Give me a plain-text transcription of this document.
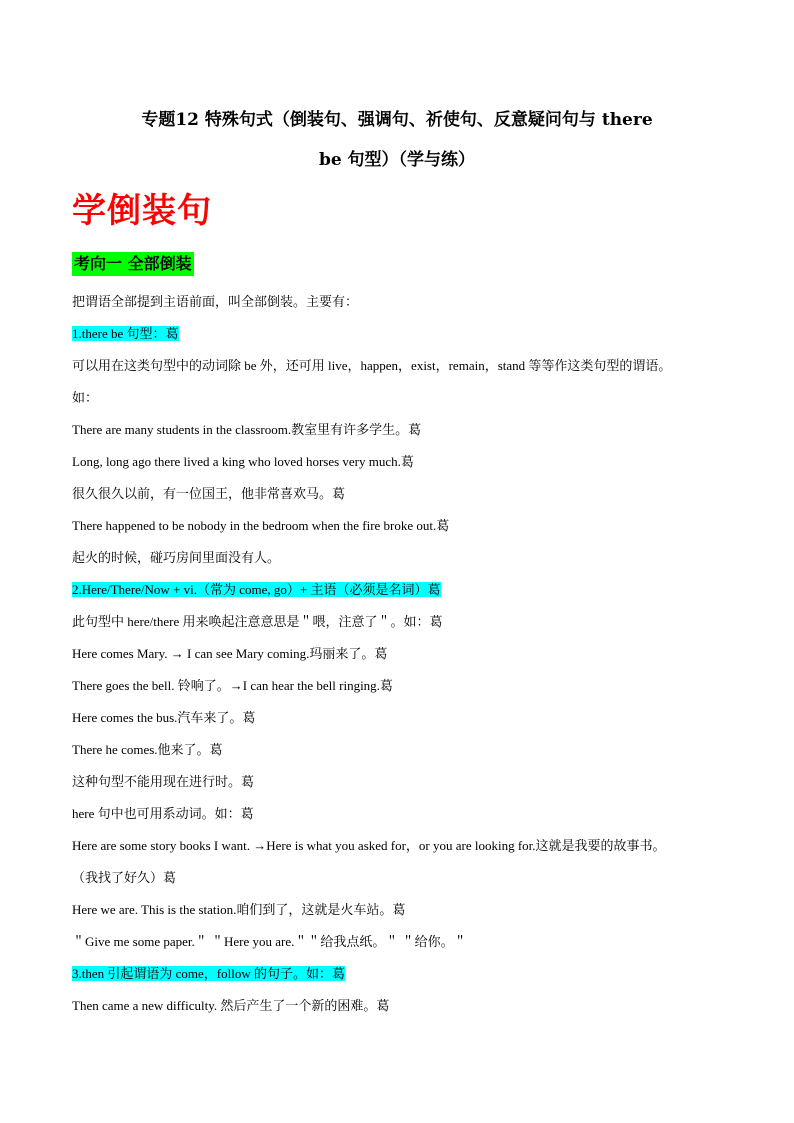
专题12 特殊句式（倒装句、强调句、祈使句、反意疑问句与 there
be 句型）（学与练）
学倒装句
考向一 全部倒装
把谓语全部提到主语前面，叫全部倒装。主要有：
1.there be 句型：葛
可以用在这类句型中的动词除 be 外，还可用 live，happen，exist，remain，stand 等等作这类句型的谓语。
如：
There are many students in the classroom.教室里有许多学生。葛
Long, long ago there lived a king who loved horses very much.葛
很久很久以前，有一位国王，他非常喜欢马。葛
There happened to be nobody in the bedroom when the fire broke out.葛
起火的时候，碰巧房间里面没有人。
2.Here/There/Now + vi.（常为 come, go）+ 主语（必须是名词）葛
此句型中 here/there 用来唤起注意意思是＂喂，注意了＂。如：葛
Here comes Mary. → I can see Mary coming.玛丽来了。葛
There goes the bell. 铃响了。→I can hear the bell ringing.葛
Here comes the bus.汽车来了。葛
There he comes.他来了。葛
这种句型不能用现在进行时。葛
here 句中也可用系动词。如：葛
Here are some story books I want. →Here is what you asked for，or you are looking for.这就是我要的故事书。
（我找了好久）葛
Here we are. This is the station.咱们到了，这就是火车站。葛
＂Give me some paper.＂ ＂Here you are.＂＂给我点纸。＂ ＂给你。＂
3.then 引起谓语为 come，follow 的句子。如：葛
Then came a new difficulty. 然后产生了一个新的困难。葛
